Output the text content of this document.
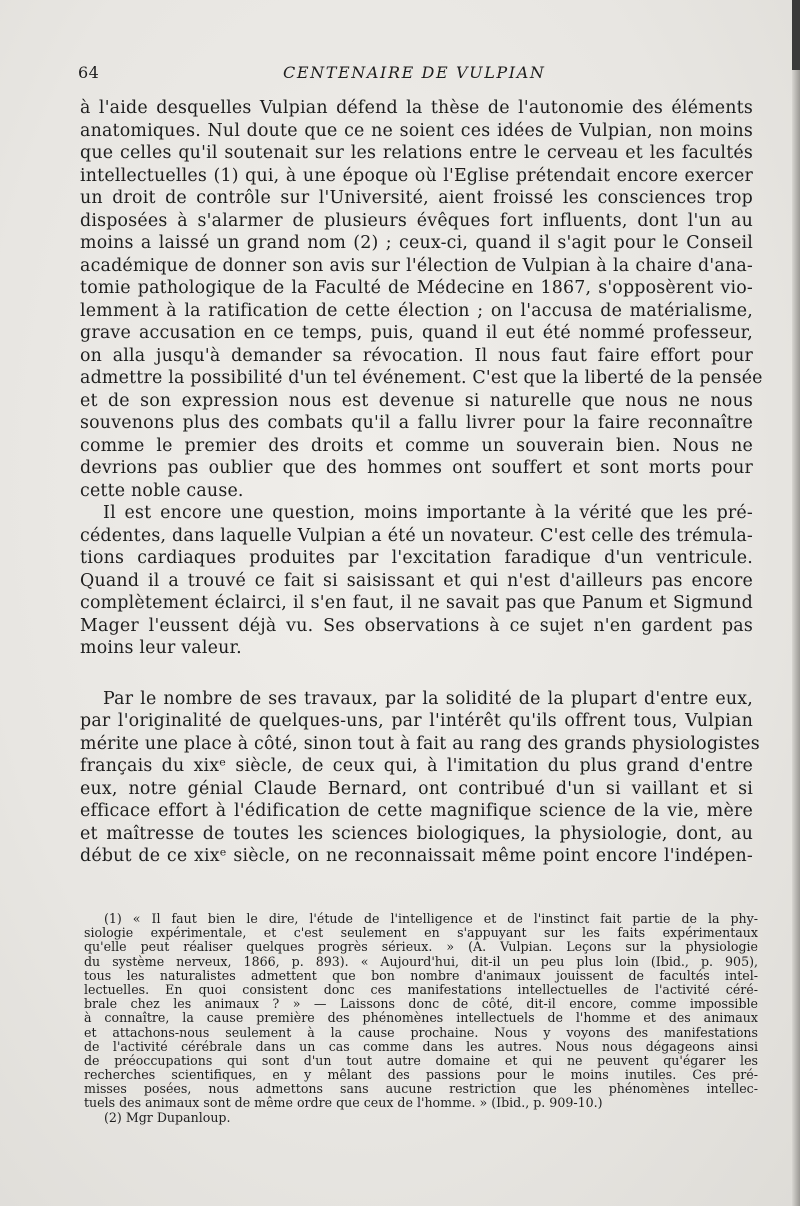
64	CENTENAIRE DE VULPIAN
à l'aide desquelles Vulpian défend la thèse de l'autonomie des éléments
anatomiques. Nul doute que ce ne soient ces idées de Vulpian, non moins
que celles qu'il soutenait sur les relations entre le cerveau et les facultés
intellectuelles (1) qui, à une époque où l'Eglise prétendait encore exercer
un droit de contrôle sur l'Université, aient froissé les consciences trop
disposées à s'alarmer de plusieurs évêques fort influents, dont l'un au
moins a laissé un grand nom (2) ; ceux-ci, quand il s'agit pour le Conseil
académique de donner son avis sur l'élection de Vulpian à la chaire d'ana-
tomie pathologique de la Faculté de Médecine en 1867, s'opposèrent vio-
lemment à la ratification de cette élection ; on l'accusa de matérialisme,
grave accusation en ce temps, puis, quand il eut été nommé professeur,
on alla jusqu'à demander sa révocation. Il nous faut faire effort pour
admettre la possibilité d'un tel événement. C'est que la liberté de la pensée
et de son expression nous est devenue si naturelle que nous ne nous
souvenons plus des combats qu'il a fallu livrer pour la faire reconnaître
comme le premier des droits et comme un souverain bien. Nous ne
devrions pas oublier que des hommes ont souffert et sont morts pour
cette noble cause.
Il est encore une question, moins importante à la vérité que les pré-
cédentes, dans laquelle Vulpian a été un novateur. C'est celle des trémula-
tions cardiaques produites par l'excitation faradique d'un ventricule.
Quand il a trouvé ce fait si saisissant et qui n'est d'ailleurs pas encore
complètement éclairci, il s'en faut, il ne savait pas que Panum et Sigmund
Mager l'eussent déjà vu. Ses observations à ce sujet n'en gardent pas
moins leur valeur.
Par le nombre de ses travaux, par la solidité de la plupart d'entre eux,
par l'originalité de quelques-uns, par l'intérêt qu'ils offrent tous, Vulpian
mérite une place à côté, sinon tout à fait au rang des grands physiologistes
français du xixᵉ siècle, de ceux qui, à l'imitation du plus grand d'entre
eux, notre génial Claude Bernard, ont contribué d'un si vaillant et si
efficace effort à l'édification de cette magnifique science de la vie, mère
et maîtresse de toutes les sciences biologiques, la physiologie, dont, au
début de ce xixᵉ siècle, on ne reconnaissait même point encore l'indépen-
(1) « Il faut bien le dire, l'étude de l'intelligence et de l'instinct fait partie de la phy-
siologie expérimentale, et c'est seulement en s'appuyant sur les faits expérimentaux
qu'elle peut réaliser quelques progrès sérieux. » (A. Vulpian. Leçons sur la physiologie
du système nerveux, 1866, p. 893). « Aujourd'hui, dit-il un peu plus loin (Ibid., p. 905),
tous les naturalistes admettent que bon nombre d'animaux jouissent de facultés intel-
lectuelles. En quoi consistent donc ces manifestations intellectuelles de l'activité céré-
brale chez les animaux ? » — Laissons donc de côté, dit-il encore, comme impossible
à connaître, la cause première des phénomènes intellectuels de l'homme et des animaux
et attachons-nous seulement à la cause prochaine. Nous y voyons des manifestations
de l'activité cérébrale dans un cas comme dans les autres. Nous nous dégageons ainsi
de préoccupations qui sont d'un tout autre domaine et qui ne peuvent qu'égarer les
recherches scientifiques, en y mêlant des passions pour le moins inutiles. Ces pré-
misses posées, nous admettons sans aucune restriction que les phénomènes intellec-
tuels des animaux sont de même ordre que ceux de l'homme. » (Ibid., p. 909-10.)
(2) Mgr Dupanloup.
